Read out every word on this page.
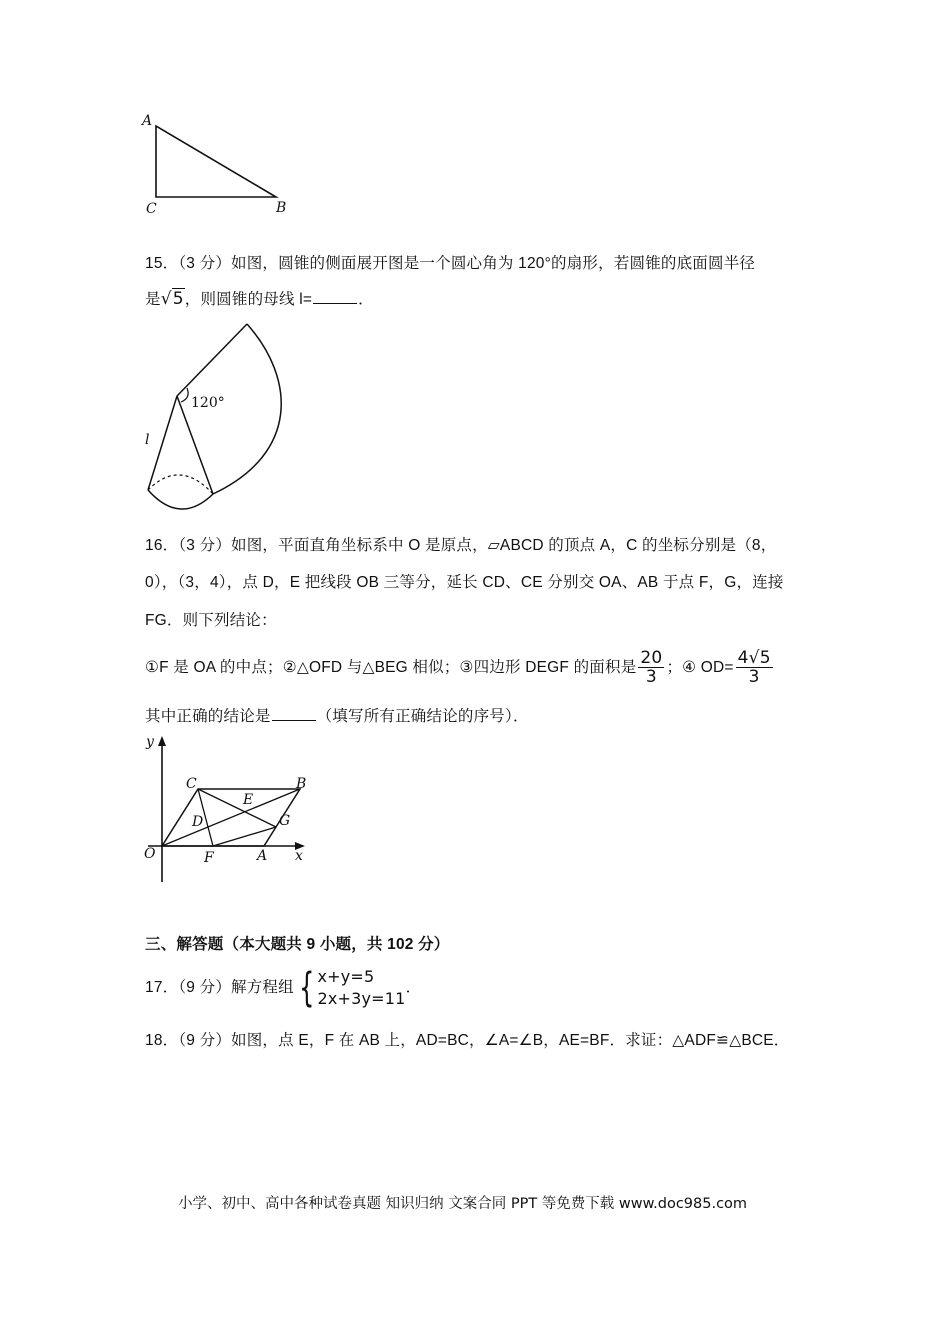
A
C	B
15．（3 分）如图，圆锥的侧面展开图是一个圆心角为 120°的扇形，若圆锥的底面圆半径
是√5，则圆锥的母线 l=	．
120°
l
16．（3 分）如图，平面直角坐标系中 O 是原点，▱ABCD 的顶点 A，C 的坐标分别是（8，
0），（3，4），点 D，E 把线段 OB 三等分，延长 CD、CE 分别交 OA、AB 于点 F，G，连接
FG．则下列结论：
①F 是 OA 的中点；②△OFD 与△BEG 相似；③四边形 DEGF 的面积是 $\frac{20}{3}$ ；④ $OD= \frac{4√5}{3}$
其中正确的结论是	（填写所有正确结论的序号）．
y
x
O	F	A
C	B
D
E
G
三、解答题（本大题共 9 小题，共 102 分）
17．（9 分）解方程组 { x+y=5
2x+3y=11
．
18．（9 分）如图，点 E，F 在 AB 上，AD=BC，∠A=∠B，AE=BF．求证：△ADF≌△BCE．
小学、初中、高中各种试卷真题 知识归纳 文案合同 PPT 等免费下载 www.doc985.com
